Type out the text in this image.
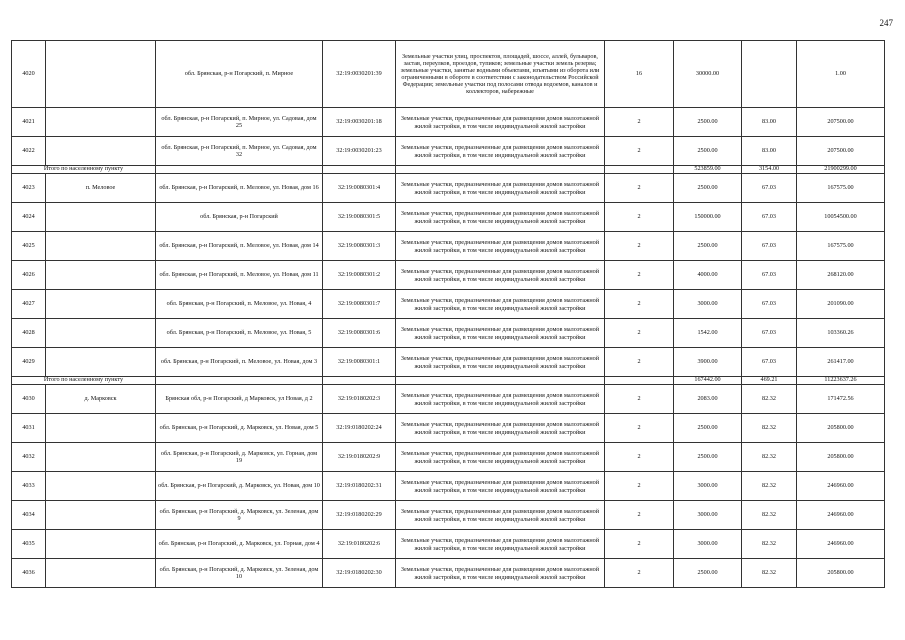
247
4020		обл. Брянская, р-н Погарский, п. Мирное	32:19:0030201:39	Земельные участки улиц, проспектов, площадей, шоссе, аллей, бульваров, застав, переулков, проездов, тупиков; земельные участки земель резерва; земельные участки, занятые водными объектами, изъятыми из оборота или ограниченными в обороте в соответствии с законодательством Российской Федерации; земельные участки под полосами отвода водоемов, каналов и коллекторов, набережные	16	30000.00		1.00
4021		обл. Брянская, р-н Погарский, п. Мирное, ул. Садовая, дом 25	32:19:0030201:18	Земельные участки, предназначенные для размещения домов малоэтажной жилой застройки, в том числе индивидуальной жилой застройки	2	2500.00	83.00	207500.00
4022		обл. Брянская, р-н Погарский, п. Мирное, ул. Садовая, дом 32	32:19:0030201:23	Земельные участки, предназначенные для размещения домов малоэтажной жилой застройки, в том числе индивидуальной жилой застройки	2	2500.00	83.00	207500.00
Итого по населенному пункту						523859.00	3154.00	21900299.00
4023	п. Меловое	обл. Брянская, р-н Погарский, п. Меловое, ул. Новая, дом 16	32:19:0080301:4	Земельные участки, предназначенные для размещения домов малоэтажной жилой застройки, в том числе индивидуальной жилой застройки	2	2500.00	67.03	167575.00
4024		обл. Брянская, р-н Погарский	32:19:0080301:5	Земельные участки, предназначенные для размещения домов малоэтажной жилой застройки, в том числе индивидуальной жилой застройки	2	150000.00	67.03	10054500.00
4025		обл. Брянская, р-н Погарский, п. Меловое, ул. Новая, дом 14	32:19:0080301:3	Земельные участки, предназначенные для размещения домов малоэтажной жилой застройки, в том числе индивидуальной жилой застройки	2	2500.00	67.03	167575.00
4026		обл. Брянская, р-н Погарский, п. Меловое, ул. Новая, дом 11	32:19:0080301:2	Земельные участки, предназначенные для размещения домов малоэтажной жилой застройки, в том числе индивидуальной жилой застройки	2	4000.00	67.03	268120.00
4027		обл. Брянская, р-н Погарский, п. Меловое, ул. Новая, 4	32:19:0080301:7	Земельные участки, предназначенные для размещения домов малоэтажной жилой застройки, в том числе индивидуальной жилой застройки	2	3000.00	67.03	201090.00
4028		обл. Брянская, р-н Погарский, п. Меловое, ул. Новая, 5	32:19:0080301:6	Земельные участки, предназначенные для размещения домов малоэтажной жилой застройки, в том числе индивидуальной жилой застройки	2	1542.00	67.03	103360.26
4029		обл. Брянская, р-н Погарский, п. Меловое, ул. Новая, дом 3	32:19:0080301:1	Земельные участки, предназначенные для размещения домов малоэтажной жилой застройки, в том числе индивидуальной жилой застройки	2	3900.00	67.03	261417.00
Итого по населенному пункту						167442.00	469.21	11223637.26
4030	д. Марковск	Брянская обл, р-н Погарский, д Марковск, ул Новая, д 2	32:19:0180202:3	Земельные участки, предназначенные для размещения домов малоэтажной жилой застройки, в том числе индивидуальной жилой застройки	2	2083.00	82.32	171472.56
4031		обл. Брянская, р-н Погарский, д. Марковск, ул. Новая, дом 5	32:19:0180202:24	Земельные участки, предназначенные для размещения домов малоэтажной жилой застройки, в том числе индивидуальной жилой застройки	2	2500.00	82.32	205800.00
4032		обл. Брянская, р-н Погарский, д. Марковск, ул. Горная, дом 19	32:19:0180202:9	Земельные участки, предназначенные для размещения домов малоэтажной жилой застройки, в том числе индивидуальной жилой застройки	2	2500.00	82.32	205800.00
4033		обл. Брянская, р-н Погарский, д. Марковск, ул. Новая, дом 10	32:19:0180202:31	Земельные участки, предназначенные для размещения домов малоэтажной жилой застройки, в том числе индивидуальной жилой застройки	2	3000.00	82.32	246960.00
4034		обл. Брянская, р-н Погарский, д. Марковск, ул. Зеленая, дом 9	32:19:0180202:29	Земельные участки, предназначенные для размещения домов малоэтажной жилой застройки, в том числе индивидуальной жилой застройки	2	3000.00	82.32	246960.00
4035		обл. Брянская, р-н Погарский, д. Марковск, ул. Горная, дом 4	32:19:0180202:6	Земельные участки, предназначенные для размещения домов малоэтажной жилой застройки, в том числе индивидуальной жилой застройки	2	3000.00	82.32	246960.00
4036		обл. Брянская, р-н Погарский, д. Марковск, ул. Зеленая, дом 10	32:19:0180202:30	Земельные участки, предназначенные для размещения домов малоэтажной жилой застройки, в том числе индивидуальной жилой застройки	2	2500.00	82.32	205800.00
